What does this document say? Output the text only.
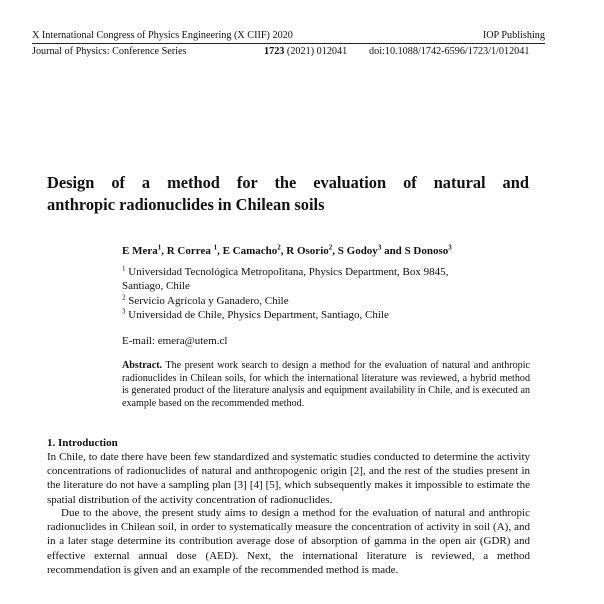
X International Congress of Physics Engineering (X CIIF) 2020	IOP Publishing
Journal of Physics: Conference Series	1723 (2021) 012041 doi:10.1088/1742-6596/1723/1/012041
Design of a method for the evaluation of natural and
anthropic radionuclides in Chilean soils
E Mera$^1$, R Correa $^1$, E Camacho$^2$, R Osorio$^2$, S Godoy$^3$ and S Donoso$^3$
$^1$ Universidad Tecnológica Metropolitana, Physics Department, Box 9845,
Santiago, Chile
$^2$ Servicio Agrícola y Ganadero, Chile
$^3$ Universidad de Chile, Physics Department, Santiago, Chile
E-mail: emera@utem.cl

Abstract. The present work search to design a method for the evaluation of natural and anthropic radionuclides in Chilean soils, for which the international literature was reviewed, a hybrid method is generated product of the literature analysis and equipment availability in Chile, and is executed an example based on the recommended method.

1. Introduction

In Chile, to date there have been few standardized and systematic studies conducted to determine the activity concentrations of radionuclides of natural and anthropogenic origin [2], and the rest of the studies present in the literature do not have a sampling plan [3] [4] [5], which subsequently makes it impossible to estimate the spatial distribution of the activity concentration of radionuclides.

Due to the above, the present study aims to design a method for the evaluation of natural and anthropic radionuclides in Chilean soil, in order to systematically measure the concentration of activity in soil (A), and in a later stage determine its contribution average dose of absorption of gamma in the open air (GDR) and effective external annual dose (AED). Next, the international literature is reviewed, a method recommendation is given and an example of the recommended method is made.
